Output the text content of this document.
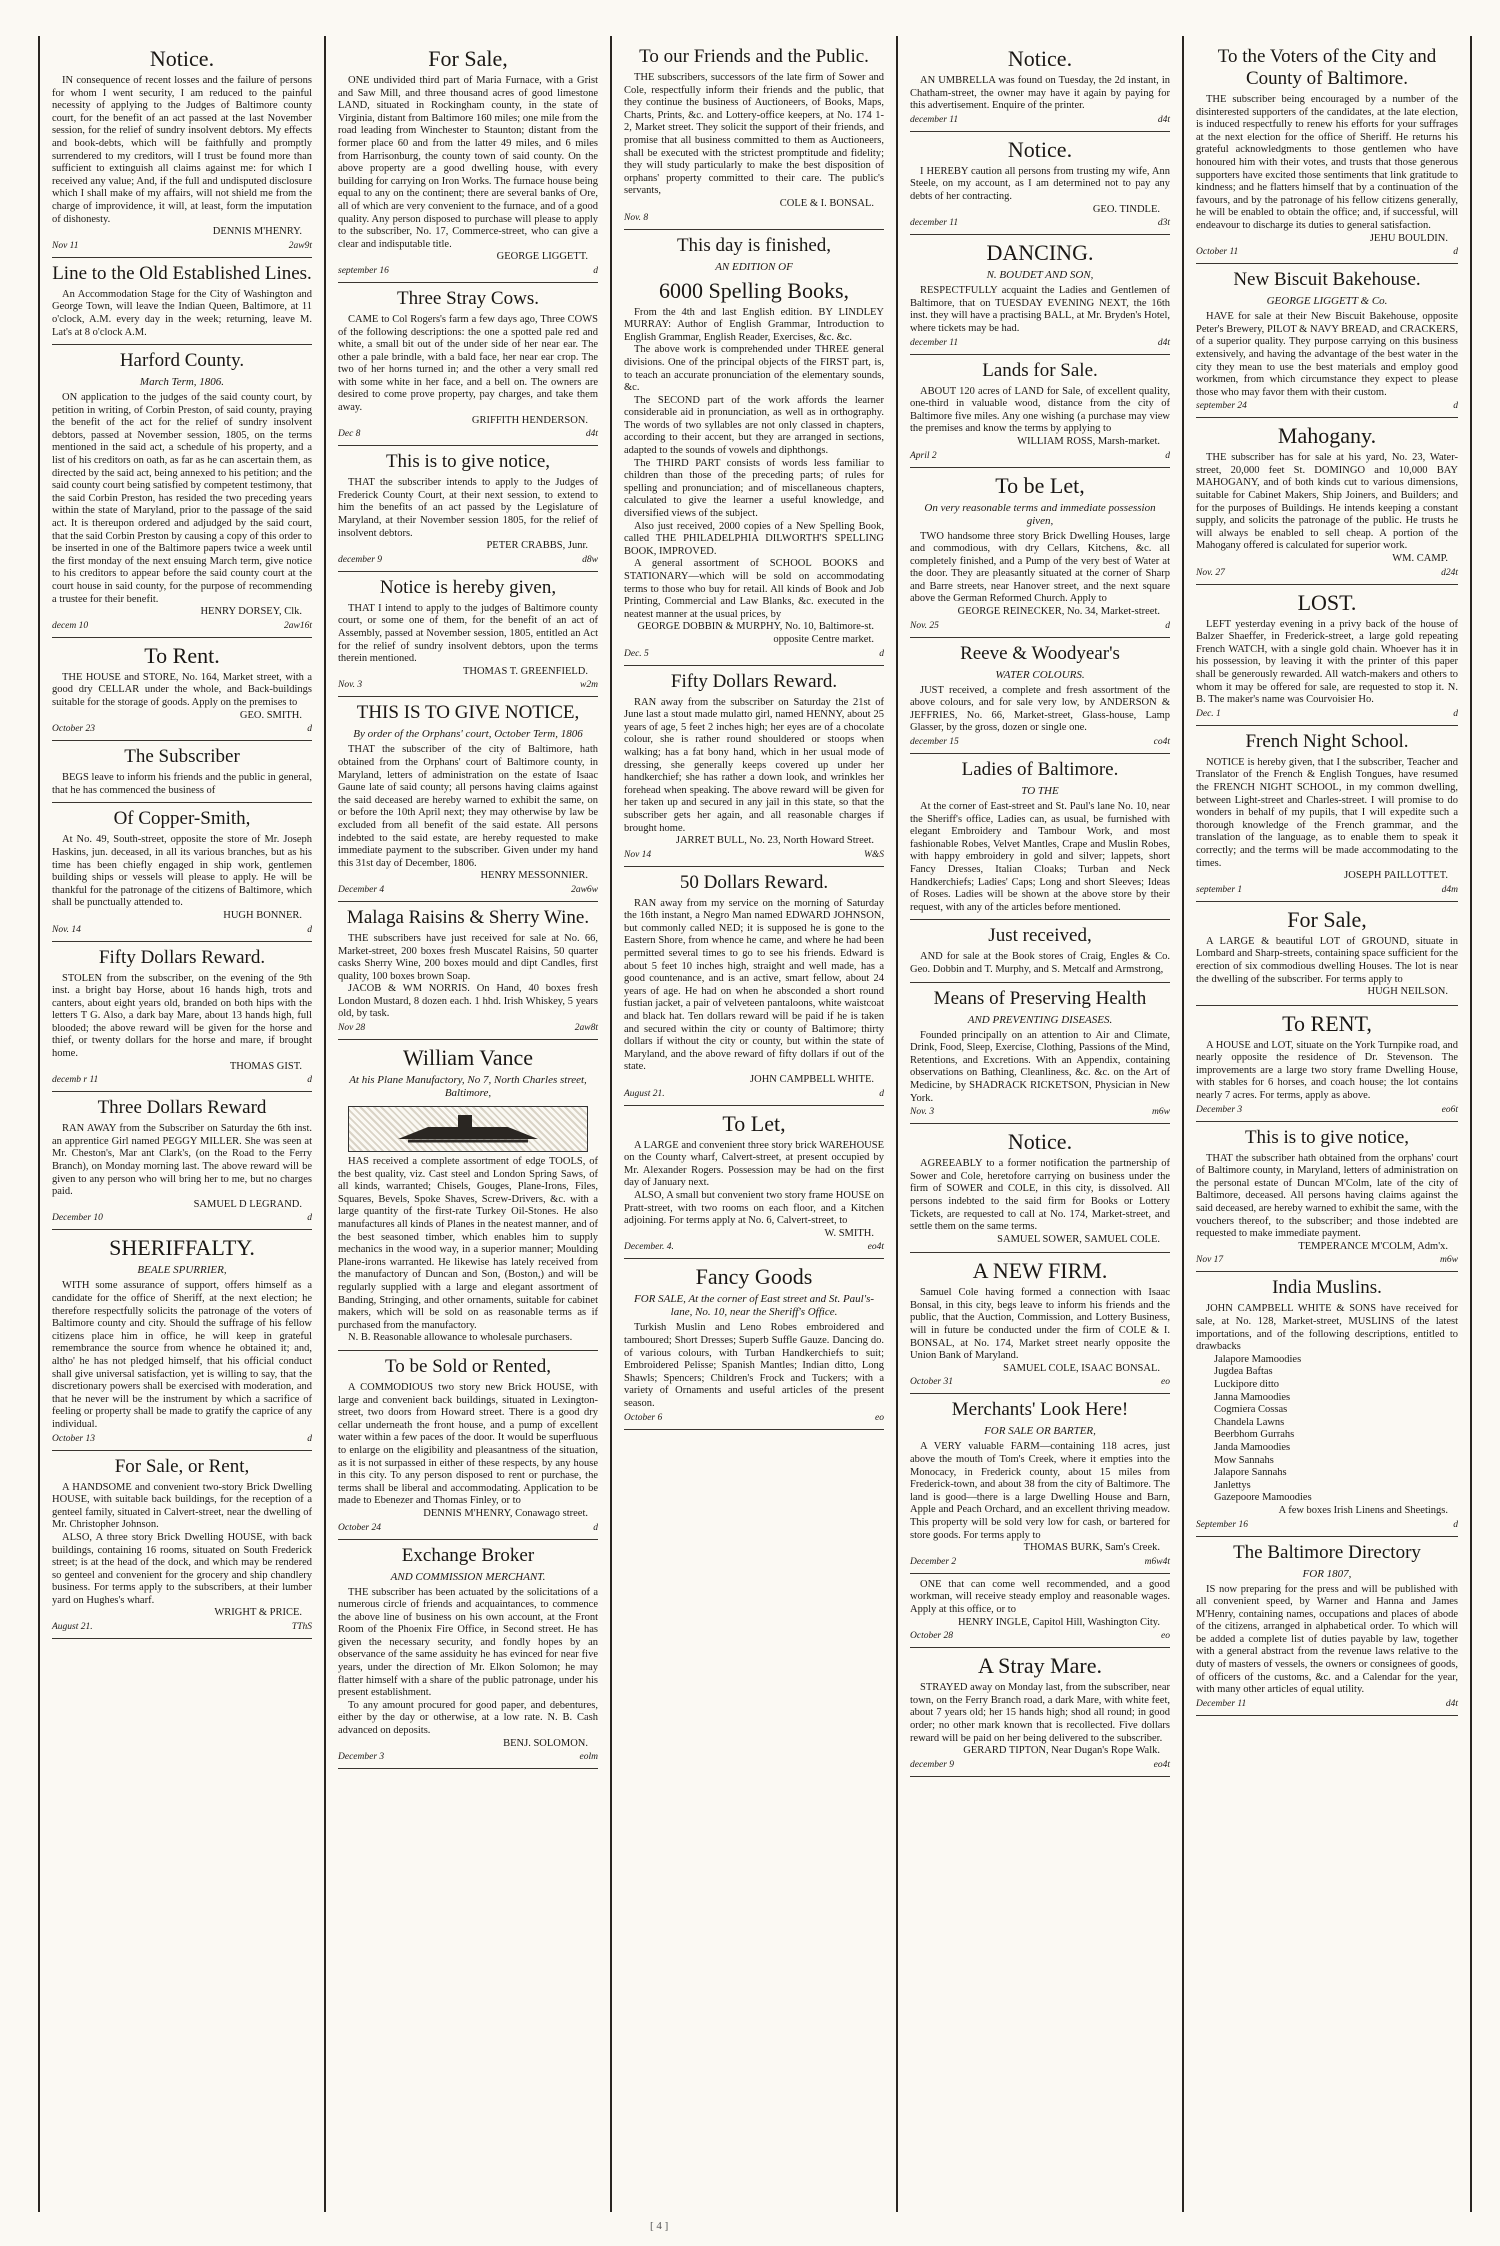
Notice.

IN consequence of recent losses and the failure of persons for whom I went security, I am reduced to the painful necessity of applying to the Judges of Baltimore county court, for the benefit of an act passed at the last November session, for the relief of sundry insolvent debtors. My effects and book-debts, which will be faithfully and promptly surrendered to my creditors, will I trust be found more than sufficient to extinguish all claims against me: for which I received any value; And, if the full and undisputed disclosure which I shall make of my affairs, will not shield me from the charge of improvidence, it will, at least, form the imputation of dishonesty.

DENNIS M'HENRY.
Nov 11	2aw9t
Line to the Old Established Lines.

An Accommodation Stage for the City of Washington and George Town, will leave the Indian Queen, Baltimore, at 11 o'clock, A.M. every day in the week; returning, leave M. Lat's at 8 o'clock A.M.

Harford County.
March Term, 1806.

ON application to the judges of the said county court, by petition in writing, of Corbin Preston, of said county, praying the benefit of the act for the relief of sundry insolvent debtors, passed at November session, 1805, on the terms mentioned in the said act, a schedule of his property, and a list of his creditors on oath, as far as he can ascertain them, as directed by the said act, being annexed to his petition; and the said county court being satisfied by competent testimony, that the said Corbin Preston, has resided the two preceding years within the state of Maryland, prior to the passage of the said act. It is thereupon ordered and adjudged by the said court, that the said Corbin Preston by causing a copy of this order to be inserted in one of the Baltimore papers twice a week until the first monday of the next ensuing March term, give notice to his creditors to appear before the said county court at the court house in said county, for the purpose of recommending a trustee for their benefit.

HENRY DORSEY, Clk.
decem 10	2aw16t
To Rent.

THE HOUSE and STORE, No. 164, Market street, with a good dry CELLAR under the whole, and Back-buildings suitable for the storage of goods. Apply on the premises to

GEO. SMITH.
October 23	d
The Subscriber

BEGS leave to inform his friends and the public in general, that he has commenced the business of

Of Copper-Smith,

At No. 49, South-street, opposite the store of Mr. Joseph Haskins, jun. deceased, in all its various branches, but as his time has been chiefly engaged in ship work, gentlemen building ships or vessels will please to apply. He will be thankful for the patronage of the citizens of Baltimore, which shall be punctually attended to.

HUGH BONNER.
Nov. 14	d
Fifty Dollars Reward.

STOLEN from the subscriber, on the evening of the 9th inst. a bright bay Horse, about 16 hands high, trots and canters, about eight years old, branded on both hips with the letters T G. Also, a dark bay Mare, about 13 hands high, full blooded; the above reward will be given for the horse and thief, or twenty dollars for the horse and mare, if brought home.

THOMAS GIST.
decemb r 11	d
Three Dollars Reward

RAN AWAY from the Subscriber on Saturday the 6th inst. an apprentice Girl named PEGGY MILLER. She was seen at Mr. Cheston's, Mar ant Clark's, (on the Road to the Ferry Branch), on Monday morning last. The above reward will be given to any person who will bring her to me, but no charges paid.

SAMUEL D LEGRAND.
December 10	d
SHERIFFALTY.
BEALE SPURRIER,

WITH some assurance of support, offers himself as a candidate for the office of Sheriff, at the next election; he therefore respectfully solicits the patronage of the voters of Baltimore county and city. Should the suffrage of his fellow citizens place him in office, he will keep in grateful remembrance the source from whence he obtained it; and, altho' he has not pledged himself, that his official conduct shall give universal satisfaction, yet is willing to say, that the discretionary powers shall be exercised with moderation, and that he never will be the instrument by which a sacrifice of feeling or property shall be made to gratify the caprice of any individual.

October 13	d
For Sale, or Rent,

A HANDSOME and convenient two-story Brick Dwelling HOUSE, with suitable back buildings, for the reception of a genteel family, situated in Calvert-street, near the dwelling of Mr. Christopher Johnson.

ALSO, A three story Brick Dwelling HOUSE, with back buildings, containing 16 rooms, situated on South Frederick street; is at the head of the dock, and which may be rendered so genteel and convenient for the grocery and ship chandlery business. For terms apply to the subscribers, at their lumber yard on Hughes's wharf.

WRIGHT & PRICE.
August 21.	TThS
For Sale,

ONE undivided third part of Maria Furnace, with a Grist and Saw Mill, and three thousand acres of good limestone LAND, situated in Rockingham county, in the state of Virginia, distant from Baltimore 160 miles; one mile from the road leading from Winchester to Staunton; distant from the former place 60 and from the latter 49 miles, and 6 miles from Harrisonburg, the county town of said county. On the above property are a good dwelling house, with every building for carrying on Iron Works. The furnace house being equal to any on the continent; there are several banks of Ore, all of which are very convenient to the furnace, and of a good quality. Any person disposed to purchase will please to apply to the subscriber, No. 17, Commerce-street, who can give a clear and indisputable title.

GEORGE LIGGETT.
september 16	d
Three Stray Cows.

CAME to Col Rogers's farm a few days ago, Three COWS of the following descriptions: the one a spotted pale red and white, a small bit out of the under side of her near ear. The other a pale brindle, with a bald face, her near ear crop. The two of her horns turned in; and the other a very small red with some white in her face, and a bell on. The owners are desired to come prove property, pay charges, and take them away.

GRIFFITH HENDERSON.
Dec 8	d4t
This is to give notice,

THAT the subscriber intends to apply to the Judges of Frederick County Court, at their next session, to extend to him the benefits of an act passed by the Legislature of Maryland, at their November session 1805, for the relief of insolvent debtors.

PETER CRABBS, Junr.
december 9	d8w
Notice is hereby given,

THAT I intend to apply to the judges of Baltimore county court, or some one of them, for the benefit of an act of Assembly, passed at November session, 1805, entitled an Act for the relief of sundry insolvent debtors, upon the terms therein mentioned.

THOMAS T. GREENFIELD.
Nov. 3	w2m
THIS IS TO GIVE NOTICE,
By order of the Orphans' court, October Term, 1806

THAT the subscriber of the city of Baltimore, hath obtained from the Orphans' court of Baltimore county, in Maryland, letters of administration on the estate of Isaac Gaune late of said county; all persons having claims against the said deceased are hereby warned to exhibit the same, on or before the 10th April next; they may otherwise by law be excluded from all benefit of the said estate. All persons indebted to the said estate, are hereby requested to make immediate payment to the subscriber. Given under my hand this 31st day of December, 1806.

HENRY MESSONNIER.
December 4	2aw6w
Malaga Raisins & Sherry Wine.

THE subscribers have just received for sale at No. 66, Market-street, 200 boxes fresh Muscatel Raisins, 50 quarter casks Sherry Wine, 200 boxes mould and dipt Candles, first quality, 100 boxes brown Soap.

JACOB & WM NORRIS. On Hand, 40 boxes fresh London Mustard, 8 dozen each. 1 hhd. Irish Whiskey, 5 years old, by task.

Nov 28	2aw8t
William Vance
At his Plane Manufactory, No 7, North Charles street, Baltimore,

HAS received a complete assortment of edge TOOLS, of the best quality, viz. Cast steel and London Spring Saws, of all kinds, warranted; Chisels, Gouges, Plane-Irons, Files, Squares, Bevels, Spoke Shaves, Screw-Drivers, &c. with a large quantity of the first-rate Turkey Oil-Stones. He also manufactures all kinds of Planes in the neatest manner, and of the best seasoned timber, which enables him to supply mechanics in the wood way, in a superior manner; Moulding Plane-irons warranted. He likewise has lately received from the manufactory of Duncan and Son, (Boston,) and will be regularly supplied with a large and elegant assortment of Banding, Stringing, and other ornaments, suitable for cabinet makers, which will be sold on as reasonable terms as if purchased from the manufactory.

N. B. Reasonable allowance to wholesale purchasers.

To be Sold or Rented,

A COMMODIOUS two story new Brick HOUSE, with large and convenient back buildings, situated in Lexington-street, two doors from Howard street. There is a good dry cellar underneath the front house, and a pump of excellent water within a few paces of the door. It would be superfluous to enlarge on the eligibility and pleasantness of the situation, as it is not surpassed in either of these respects, by any house in this city. To any person disposed to rent or purchase, the terms shall be liberal and accommodating. Application to be made to Ebenezer and Thomas Finley, or to

DENNIS M'HENRY, Conawago street.
October 24	d
Exchange Broker
AND COMMISSION MERCHANT.

THE subscriber has been actuated by the solicitations of a numerous circle of friends and acquaintances, to commence the above line of business on his own account, at the Front Room of the Phoenix Fire Office, in Second street. He has given the necessary security, and fondly hopes by an observance of the same assiduity he has evinced for near five years, under the direction of Mr. Elkon Solomon; he may flatter himself with a share of the public patronage, under his present establishment.

To any amount procured for good paper, and debentures, either by the day or otherwise, at a low rate. N. B. Cash advanced on deposits.

BENJ. SOLOMON.
December 3	eolm
To our Friends and the Public.

THE subscribers, successors of the late firm of Sower and Cole, respectfully inform their friends and the public, that they continue the business of Auctioneers, of Books, Maps, Charts, Prints, &c. and Lottery-office keepers, at No. 174 1-2, Market street. They solicit the support of their friends, and promise that all business committed to them as Auctioneers, shall be executed with the strictest promptitude and fidelity; they will study particularly to make the best disposition of orphans' property committed to their care. The public's servants,

COLE & I. BONSAL.
Nov. 8
This day is finished,
AN EDITION OF
6000 Spelling Books,

From the 4th and last English edition. BY LINDLEY MURRAY: Author of English Grammar, Introduction to English Grammar, English Reader, Exercises, &c. &c.

The above work is comprehended under THREE general divisions. One of the principal objects of the FIRST part, is, to teach an accurate pronunciation of the elementary sounds, &c.

The SECOND part of the work affords the learner considerable aid in pronunciation, as well as in orthography. The words of two syllables are not only classed in chapters, according to their accent, but they are arranged in sections, adapted to the sounds of vowels and diphthongs.

The THIRD PART consists of words less familiar to children than those of the preceding parts; of rules for spelling and pronunciation; and of miscellaneous chapters, calculated to give the learner a useful knowledge, and diversified views of the subject.

Also just received, 2000 copies of a New Spelling Book, called THE PHILADELPHIA DILWORTH'S SPELLING BOOK, IMPROVED.

A general assortment of SCHOOL BOOKS and STATIONARY—which will be sold on accommodating terms to those who buy for retail. All kinds of Book and Job Printing, Commercial and Law Blanks, &c. executed in the neatest manner at the usual prices, by

GEORGE DOBBIN & MURPHY, No. 10, Baltimore-st. opposite Centre market.
Dec. 5	d
Fifty Dollars Reward.

RAN away from the subscriber on Saturday the 21st of June last a stout made mulatto girl, named HENNY, about 25 years of age, 5 feet 2 inches high; her eyes are of a chocolate colour, she is rather round shouldered or stoops when walking; has a fat bony hand, which in her usual mode of dressing, she generally keeps covered up under her handkerchief; she has rather a down look, and wrinkles her forehead when speaking. The above reward will be given for her taken up and secured in any jail in this state, so that the subscriber gets her again, and all reasonable charges if brought home.

JARRET BULL, No. 23, North Howard Street.
Nov 14	W&S
50 Dollars Reward.

RAN away from my service on the morning of Saturday the 16th instant, a Negro Man named EDWARD JOHNSON, but commonly called NED; it is supposed he is gone to the Eastern Shore, from whence he came, and where he had been permitted several times to go to see his friends. Edward is about 5 feet 10 inches high, straight and well made, has a good countenance, and is an active, smart fellow, about 24 years of age. He had on when he absconded a short round fustian jacket, a pair of velveteen pantaloons, white waistcoat and black hat. Ten dollars reward will be paid if he is taken and secured within the city or county of Baltimore; thirty dollars if without the city or county, but within the state of Maryland, and the above reward of fifty dollars if out of the state.

JOHN CAMPBELL WHITE.
August 21.	d
To Let,

A LARGE and convenient three story brick WAREHOUSE on the County wharf, Calvert-street, at present occupied by Mr. Alexander Rogers. Possession may be had on the first day of January next.

ALSO, A small but convenient two story frame HOUSE on Pratt-street, with two rooms on each floor, and a Kitchen adjoining. For terms apply at No. 6, Calvert-street, to

W. SMITH.
December. 4.	eo4t
Fancy Goods
FOR SALE, At the corner of East street and St. Paul's-lane, No. 10, near the Sheriff's Office.

Turkish Muslin and Leno Robes embroidered and tamboured; Short Dresses; Superb Suffle Gauze. Dancing do. of various colours, with Turban Handkerchiefs to suit; Embroidered Pelisse; Spanish Mantles; Indian ditto, Long Shawls; Spencers; Children's Frock and Tuckers; with a variety of Ornaments and useful articles of the present season.

October 6	eo
Notice.

AN UMBRELLA was found on Tuesday, the 2d instant, in Chatham-street, the owner may have it again by paying for this advertisement. Enquire of the printer.

december 11	d4t
Notice.

I HEREBY caution all persons from trusting my wife, Ann Steele, on my account, as I am determined not to pay any debts of her contracting.

GEO. TINDLE.
december 11	d3t
DANCING.
N. BOUDET AND SON,

RESPECTFULLY acquaint the Ladies and Gentlemen of Baltimore, that on TUESDAY EVENING NEXT, the 16th inst. they will have a practising BALL, at Mr. Bryden's Hotel, where tickets may be had.

december 11	d4t
Lands for Sale.

ABOUT 120 acres of LAND for Sale, of excellent quality, one-third in valuable wood, distance from the city of Baltimore five miles. Any one wishing (a purchase may view the premises and know the terms by applying to

WILLIAM ROSS, Marsh-market.
April 2	d
To be Let,
On very reasonable terms and immediate possession given,

TWO handsome three story Brick Dwelling Houses, large and commodious, with dry Cellars, Kitchens, &c. all completely finished, and a Pump of the very best of Water at the door. They are pleasantly situated at the corner of Sharp and Barre streets, near Hanover street, and the next square above the German Reformed Church. Apply to

GEORGE REINECKER, No. 34, Market-street.
Nov. 25	d
Reeve & Woodyear's
WATER COLOURS.

JUST received, a complete and fresh assortment of the above colours, and for sale very low, by ANDERSON & JEFFRIES, No. 66, Market-street, Glass-house, Lamp Glasser, by the gross, dozen or single one.

december 15	co4t
Ladies of Baltimore.
TO THE

At the corner of East-street and St. Paul's lane No. 10, near the Sheriff's office, Ladies can, as usual, be furnished with elegant Embroidery and Tambour Work, and most fashionable Robes, Velvet Mantles, Crape and Muslin Robes, with happy embroidery in gold and silver; lappets, short Fancy Dresses, Italian Cloaks; Turban and Neck Handkerchiefs; Ladies' Caps; Long and short Sleeves; Ideas of Roses. Ladies will be shown at the above store by their request, with any of the articles before mentioned.

Just received,

AND for sale at the Book stores of Craig, Engles & Co. Geo. Dobbin and T. Murphy, and S. Metcalf and Armstrong,

Means of Preserving Health
AND PREVENTING DISEASES.

Founded principally on an attention to Air and Climate, Drink, Food, Sleep, Exercise, Clothing, Passions of the Mind, Retentions, and Excretions. With an Appendix, containing observations on Bathing, Cleanliness, &c. &c. on the Art of Medicine, by SHADRACK RICKETSON, Physician in New York.

Nov. 3	m6w
Notice.

AGREEABLY to a former notification the partnership of Sower and Cole, heretofore carrying on business under the firm of SOWER and COLE, in this city, is dissolved. All persons indebted to the said firm for Books or Lottery Tickets, are requested to call at No. 174, Market-street, and settle them on the same terms.

SAMUEL SOWER, SAMUEL COLE.
A NEW FIRM.

Samuel Cole having formed a connection with Isaac Bonsal, in this city, begs leave to inform his friends and the public, that the Auction, Commission, and Lottery Business, will in future be conducted under the firm of COLE & I. BONSAL, at No. 174, Market street nearly opposite the Union Bank of Maryland.

SAMUEL COLE, ISAAC BONSAL.
October 31	eo
Merchants' Look Here!
FOR SALE OR BARTER,

A VERY valuable FARM—containing 118 acres, just above the mouth of Tom's Creek, where it empties into the Monocacy, in Frederick county, about 15 miles from Frederick-town, and about 38 from the city of Baltimore. The land is good—there is a large Dwelling House and Barn, Apple and Peach Orchard, and an excellent thriving meadow. This property will be sold very low for cash, or bartered for store goods. For terms apply to

THOMAS BURK, Sam's Creek.
December 2	m6w4t

ONE that can come well recommended, and a good workman, will receive steady employ and reasonable wages. Apply at this office, or to

HENRY INGLE, Capitol Hill, Washington City.
October 28	eo
A Stray Mare.

STRAYED away on Monday last, from the subscriber, near town, on the Ferry Branch road, a dark Mare, with white feet, about 7 years old; her 15 hands high; shod all round; in good order; no other mark known that is recollected. Five dollars reward will be paid on her being delivered to the subscriber.

GERARD TIPTON, Near Dugan's Rope Walk.
december 9	eo4t
To the Voters of the City and County of Baltimore.

THE subscriber being encouraged by a number of the disinterested supporters of the candidates, at the late election, is induced respectfully to renew his efforts for your suffrages at the next election for the office of Sheriff. He returns his grateful acknowledgments to those gentlemen who have honoured him with their votes, and trusts that those generous supporters have excited those sentiments that link gratitude to kindness; and he flatters himself that by a continuation of the favours, and by the patronage of his fellow citizens generally, he will be enabled to obtain the office; and, if successful, will endeavour to discharge its duties to general satisfaction.

JEHU BOULDIN.
October 11	d
New Biscuit Bakehouse.
GEORGE LIGGETT & Co.

HAVE for sale at their New Biscuit Bakehouse, opposite Peter's Brewery, PILOT & NAVY BREAD, and CRACKERS, of a superior quality. They purpose carrying on this business extensively, and having the advantage of the best water in the city they mean to use the best materials and employ good workmen, from which circumstance they expect to please those who may favor them with their custom.

september 24	d
Mahogany.

THE subscriber has for sale at his yard, No. 23, Water-street, 20,000 feet St. DOMINGO and 10,000 BAY MAHOGANY, and of both kinds cut to various dimensions, suitable for Cabinet Makers, Ship Joiners, and Builders; and for the purposes of Buildings. He intends keeping a constant supply, and solicits the patronage of the public. He trusts he will always be enabled to sell cheap. A portion of the Mahogany offered is calculated for superior work.

WM. CAMP.
Nov. 27	d24t
LOST.

LEFT yesterday evening in a privy back of the house of Balzer Shaeffer, in Frederick-street, a large gold repeating French WATCH, with a single gold chain. Whoever has it in his possession, by leaving it with the printer of this paper shall be generously rewarded. All watch-makers and others to whom it may be offered for sale, are requested to stop it. N. B. The maker's name was Courvoisier Ho.

Dec. 1	d
French Night School.

NOTICE is hereby given, that I the subscriber, Teacher and Translator of the French & English Tongues, have resumed the FRENCH NIGHT SCHOOL, in my common dwelling, between Light-street and Charles-street. I will promise to do wonders in behalf of my pupils, that I will expedite such a thorough knowledge of the French grammar, and the translation of the language, as to enable them to speak it correctly; and the terms will be made accommodating to the times.

JOSEPH PAILLOTTET.
september 1	d4m
For Sale,

A LARGE & beautiful LOT of GROUND, situate in Lombard and Sharp-streets, containing space sufficient for the erection of six commodious dwelling Houses. The lot is near the dwelling of the subscriber. For terms apply to

HUGH NEILSON.
To RENT,

A HOUSE and LOT, situate on the York Turnpike road, and nearly opposite the residence of Dr. Stevenson. The improvements are a large two story frame Dwelling House, with stables for 6 horses, and coach house; the lot contains nearly 7 acres. For terms, apply as above.

December 3	eo6t
This is to give notice,

THAT the subscriber hath obtained from the orphans' court of Baltimore county, in Maryland, letters of administration on the personal estate of Duncan M'Colm, late of the city of Baltimore, deceased. All persons having claims against the said deceased, are hereby warned to exhibit the same, with the vouchers thereof, to the subscriber; and those indebted are requested to make immediate payment.

TEMPERANCE M'COLM, Adm'x.
Nov 17	m6w
India Muslins.

JOHN CAMPBELL WHITE & SONS have received for sale, at No. 128, Market-street, MUSLINS of the latest importations, and of the following descriptions, entitled to drawbacks

Jalapore Mamoodies
Jugdea Baftas
Luckipore ditto
Janna Mamoodies
Cogmiera Cossas
Chandela Lawns
Beerbhom Gurrahs
Janda Mamoodies
Mow Sannahs
Jalapore Sannahs
Janlettys
Gazepoore Mamoodies
A few boxes Irish Linens and Sheetings.
September 16	d
The Baltimore Directory
FOR 1807,

IS now preparing for the press and will be published with all convenient speed, by Warner and Hanna and James M'Henry, containing names, occupations and places of abode of the citizens, arranged in alphabetical order. To which will be added a complete list of duties payable by law, together with a general abstract from the revenue laws relative to the duty of masters of vessels, the owners or consignees of goods, of officers of the customs, &c. and a Calendar for the year, with many other articles of equal utility.

December 11	d4t
[ 4 ]
